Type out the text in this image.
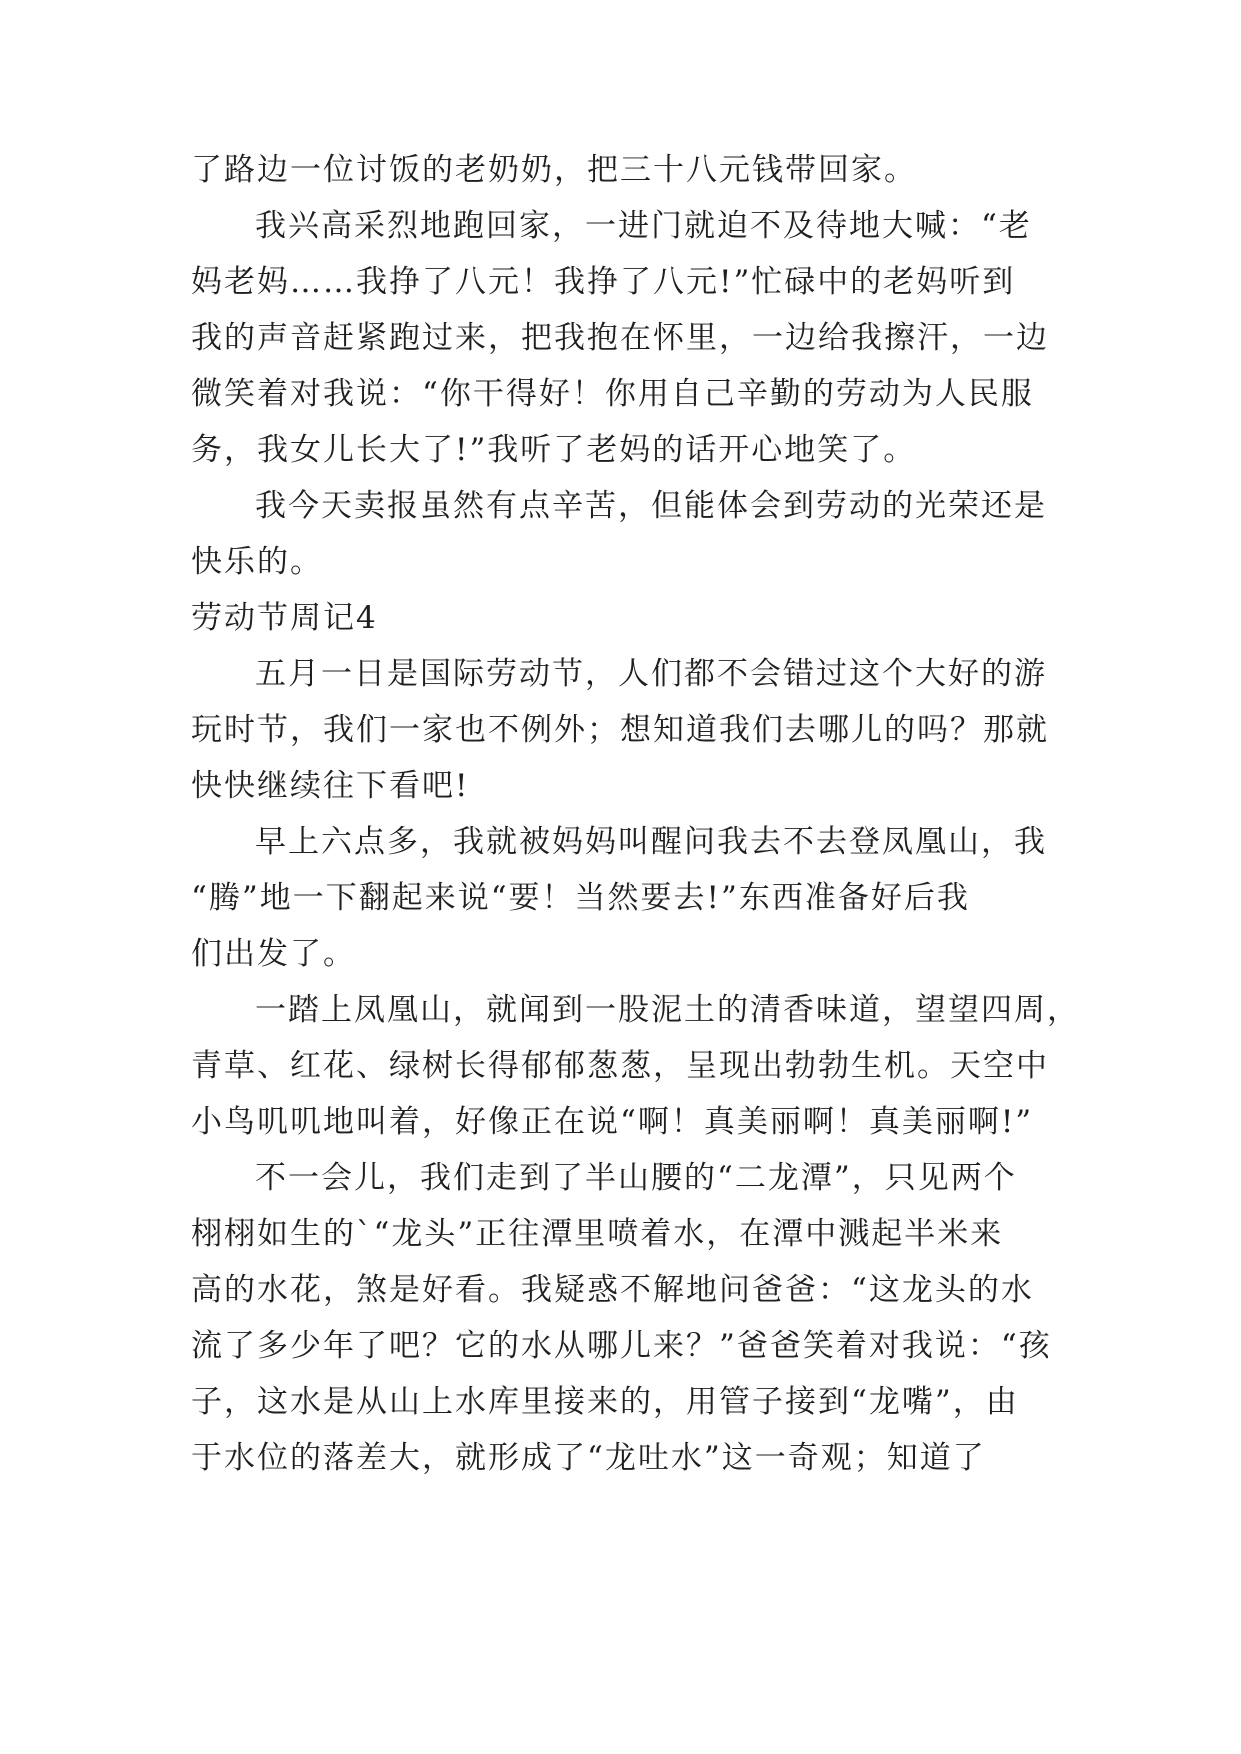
了路边一位讨饭的老奶奶，把三十八元钱带回家。
我兴高采烈地跑回家，一进门就迫不及待地大喊：“老
妈老妈……我挣了八元！我挣了八元!”忙碌中的老妈听到
我的声音赶紧跑过来，把我抱在怀里，一边给我擦汗，一边
微笑着对我说：“你干得好！你用自己辛勤的劳动为人民服
务，我女儿长大了!”我听了老妈的话开心地笑了。
我今天卖报虽然有点辛苦，但能体会到劳动的光荣还是
快乐的。
劳动节周记4
五月一日是国际劳动节，人们都不会错过这个大好的游
玩时节，我们一家也不例外；想知道我们去哪儿的吗？那就
快快继续往下看吧!
早上六点多，我就被妈妈叫醒问我去不去登凤凰山，我
“腾”地一下翻起来说“要！当然要去!”东西准备好后我
们出发了。
一踏上凤凰山，就闻到一股泥土的清香味道，望望四周，
青草、红花、绿树长得郁郁葱葱，呈现出勃勃生机。天空中
小鸟叽叽地叫着，好像正在说“啊！真美丽啊！真美丽啊!”
不一会儿，我们走到了半山腰的“二龙潭”，只见两个
栩栩如生的`“龙头”正往潭里喷着水，在潭中溅起半米来
高的水花，煞是好看。我疑惑不解地问爸爸：“这龙头的水
流了多少年了吧？它的水从哪儿来？”爸爸笑着对我说：“孩
子，这水是从山上水库里接来的，用管子接到“龙嘴”，由
于水位的落差大，就形成了“龙吐水”这一奇观；知道了
